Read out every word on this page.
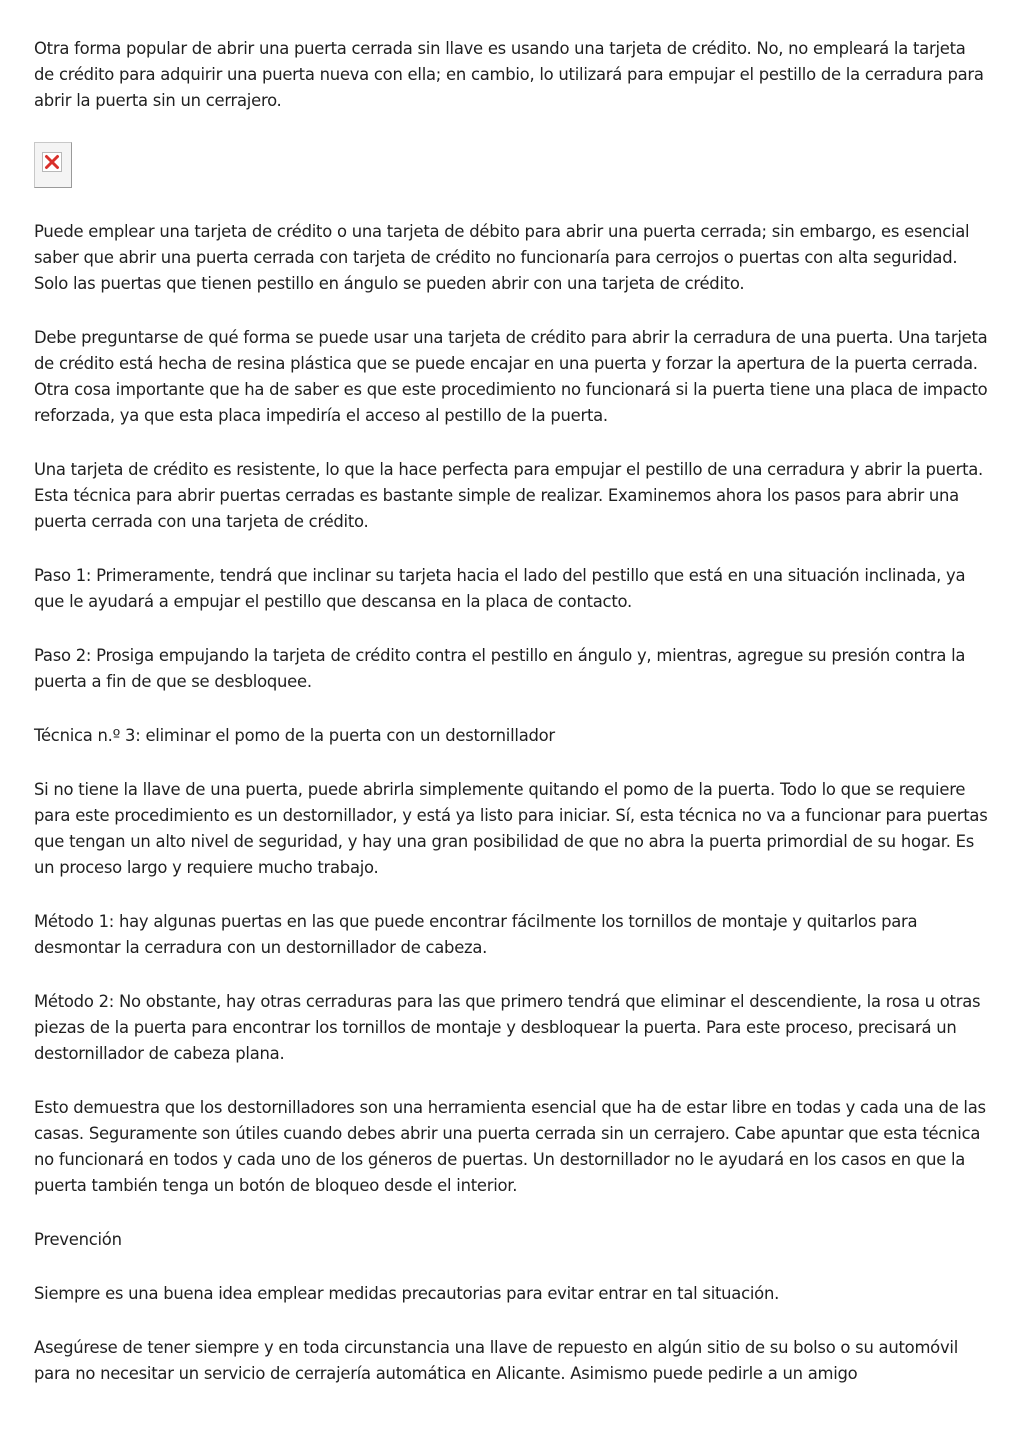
Otra forma popular de abrir una puerta cerrada sin llave es usando una tarjeta de crédito. No, no empleará la tarjeta de crédito para adquirir una puerta nueva con ella; en cambio, lo utilizará para empujar el pestillo de la cerradura para abrir la puerta sin un cerrajero.

Puede emplear una tarjeta de crédito o una tarjeta de débito para abrir una puerta cerrada; sin embargo, es esencial saber que abrir una puerta cerrada con tarjeta de crédito no funcionaría para cerrojos o puertas con alta seguridad. Solo las puertas que tienen pestillo en ángulo se pueden abrir con una tarjeta de crédito.

Debe preguntarse de qué forma se puede usar una tarjeta de crédito para abrir la cerradura de una puerta. Una tarjeta de crédito está hecha de resina plástica que se puede encajar en una puerta y forzar la apertura de la puerta cerrada. Otra cosa importante que ha de saber es que este procedimiento no funcionará si la puerta tiene una placa de impacto reforzada, ya que esta placa impediría el acceso al pestillo de la puerta.

Una tarjeta de crédito es resistente, lo que la hace perfecta para empujar el pestillo de una cerradura y abrir la puerta. Esta técnica para abrir puertas cerradas es bastante simple de realizar. Examinemos ahora los pasos para abrir una puerta cerrada con una tarjeta de crédito.

Paso 1: Primeramente, tendrá que inclinar su tarjeta hacia el lado del pestillo que está en una situación inclinada, ya que le ayudará a empujar el pestillo que descansa en la placa de contacto.

Paso 2: Prosiga empujando la tarjeta de crédito contra el pestillo en ángulo y, mientras, agregue su presión contra la puerta a fin de que se desbloquee.

Técnica n.º 3: eliminar el pomo de la puerta con un destornillador

Si no tiene la llave de una puerta, puede abrirla simplemente quitando el pomo de la puerta. Todo lo que se requiere para este procedimiento es un destornillador, y está ya listo para iniciar. Sí, esta técnica no va a funcionar para puertas que tengan un alto nivel de seguridad, y hay una gran posibilidad de que no abra la puerta primordial de su hogar. Es un proceso largo y requiere mucho trabajo.

Método 1: hay algunas puertas en las que puede encontrar fácilmente los tornillos de montaje y quitarlos para desmontar la cerradura con un destornillador de cabeza.

Método 2: No obstante, hay otras cerraduras para las que primero tendrá que eliminar el descendiente, la rosa u otras piezas de la puerta para encontrar los tornillos de montaje y desbloquear la puerta. Para este proceso, precisará un destornillador de cabeza plana.

Esto demuestra que los destornilladores son una herramienta esencial que ha de estar libre en todas y cada una de las casas. Seguramente son útiles cuando debes abrir una puerta cerrada sin un cerrajero. Cabe apuntar que esta técnica no funcionará en todos y cada uno de los géneros de puertas. Un destornillador no le ayudará en los casos en que la puerta también tenga un botón de bloqueo desde el interior.

Prevención

Siempre es una buena idea emplear medidas precautorias para evitar entrar en tal situación.

Asegúrese de tener siempre y en toda circunstancia una llave de repuesto en algún sitio de su bolso o su automóvil para no necesitar un servicio de cerrajería automática en Alicante. Asimismo puede pedirle a un amigo
